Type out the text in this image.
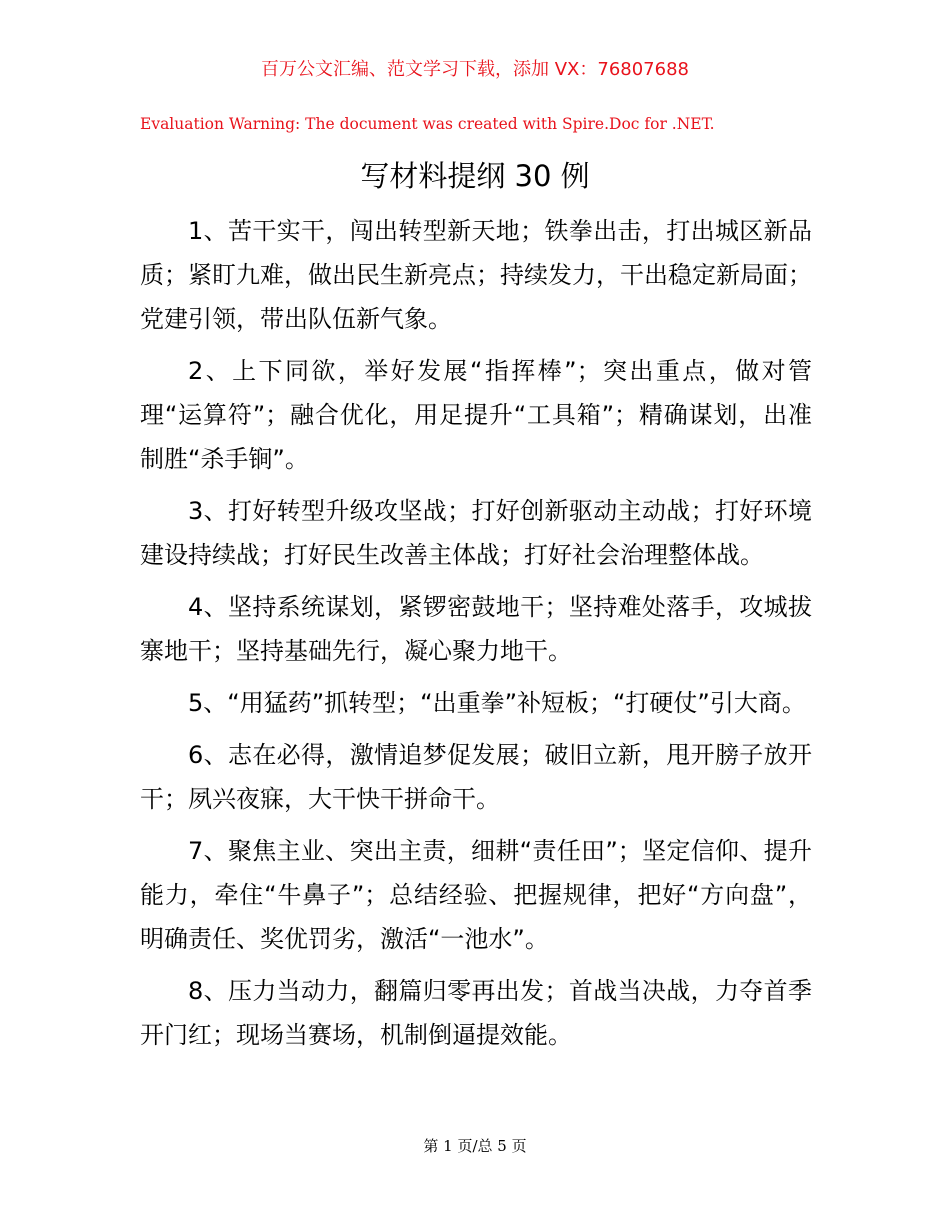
百万公文汇编、范文学习下载，添加 VX：76807688
Evaluation Warning: The document was created with Spire.Doc for .NET.
写材料提纲 30 例

1、苦干实干，闯出转型新天地；铁拳出击，打出城区新品质；紧盯九难，做出民生新亮点；持续发力，干出稳定新局面；党建引领，带出队伍新气象。

2、上下同欲，举好发展“指挥棒”；突出重点，做对管理“运算符”；融合优化，用足提升“工具箱”；精确谋划，出准制胜“杀手锏”。

3、打好转型升级攻坚战；打好创新驱动主动战；打好环境建设持续战；打好民生改善主体战；打好社会治理整体战。

4、坚持系统谋划，紧锣密鼓地干；坚持难处落手，攻城拔寨地干；坚持基础先行，凝心聚力地干。

5、“用猛药”抓转型；“出重拳”补短板；“打硬仗”引大商。

6、志在必得，激情追梦促发展；破旧立新，甩开膀子放开干；夙兴夜寐，大干快干拼命干。

7、聚焦主业、突出主责，细耕“责任田”；坚定信仰、提升能力，牵住“牛鼻子”；总结经验、把握规律，把好“方向盘”，明确责任、奖优罚劣，激活“一池水”。

8、压力当动力，翻篇归零再出发；首战当决战，力夺首季开门红；现场当赛场，机制倒逼提效能。

第 1 页/总 5 页
